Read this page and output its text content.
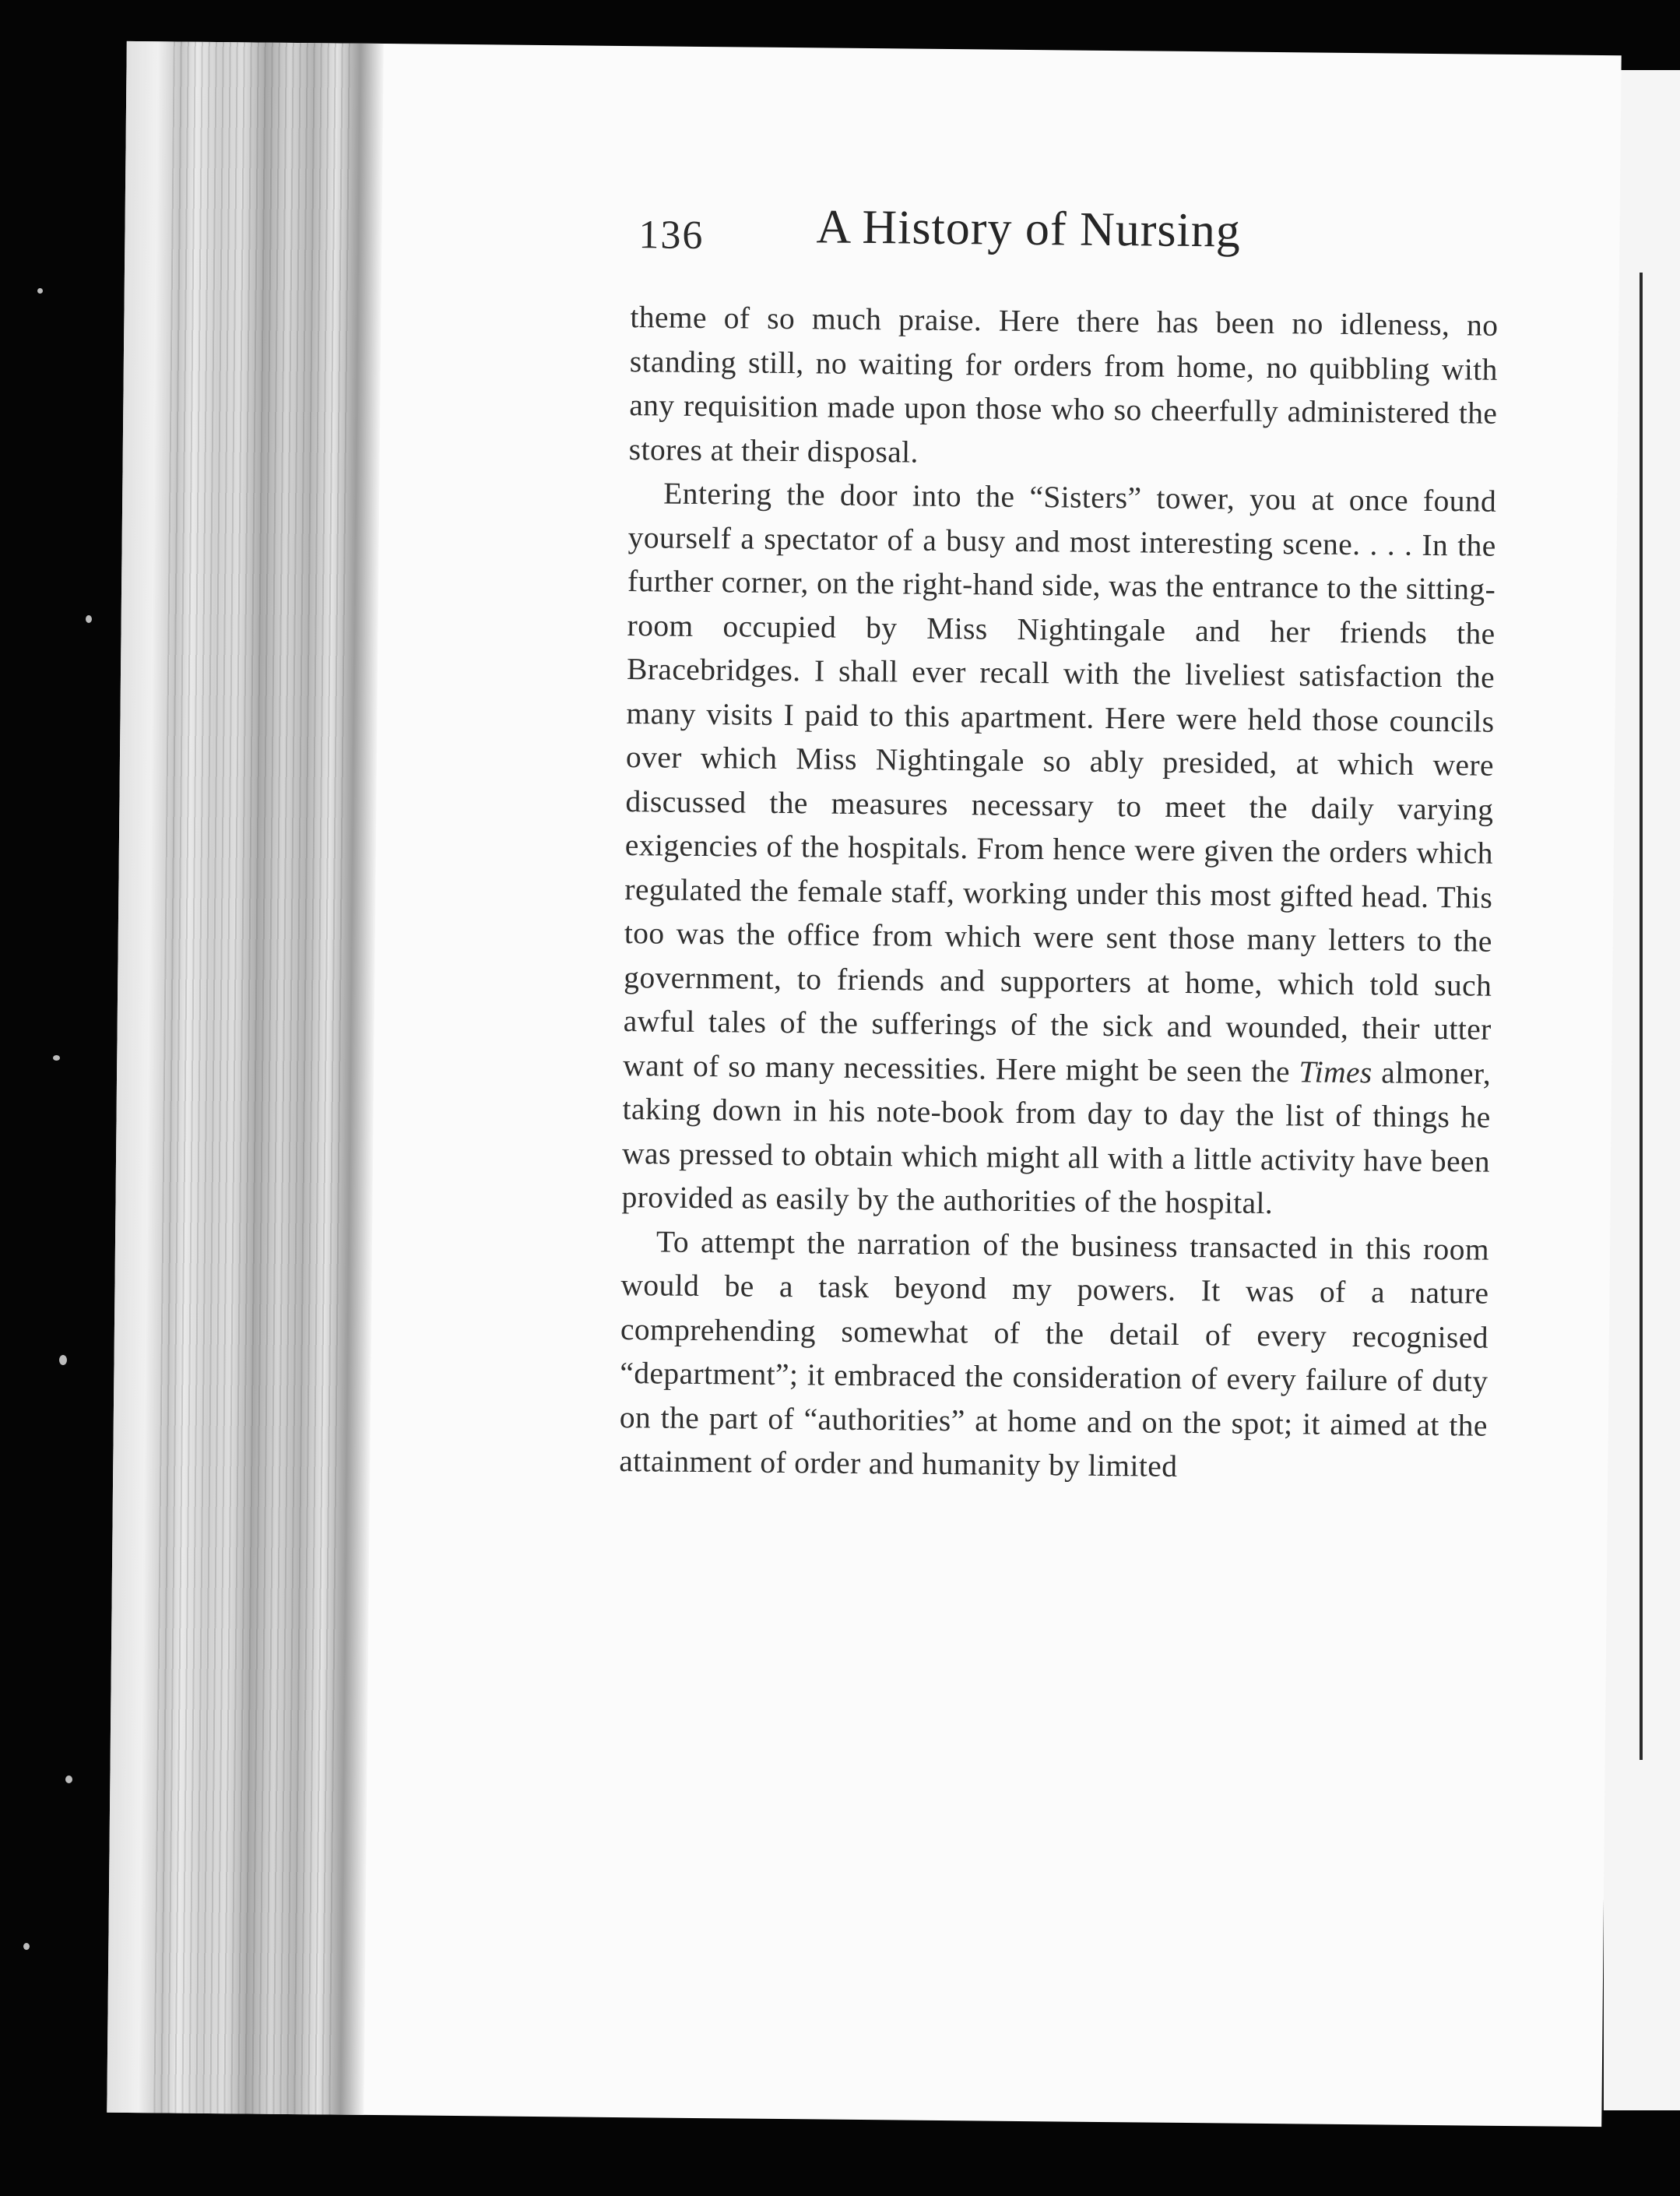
136 A History of Nursing

theme of so much praise. Here there has been no idleness, no standing still, no waiting for orders from home, no quibbling with any requisition made upon those who so cheerfully administered the stores at their disposal.

Entering the door into the “Sisters” tower, you at once found yourself a spectator of a busy and most interesting scene. . . . In the further corner, on the right-hand side, was the entrance to the sitting-room occupied by Miss Nightingale and her friends the Bracebridges. I shall ever recall with the liveliest satisfaction the many visits I paid to this apartment. Here were held those councils over which Miss Nightingale so ably presided, at which were discussed the measures necessary to meet the daily varying exigencies of the hospitals. From hence were given the orders which regulated the female staff, working under this most gifted head. This too was the office from which were sent those many letters to the government, to friends and supporters at home, which told such awful tales of the sufferings of the sick and wounded, their utter want of so many necessities. Here might be seen the Times almoner, taking down in his note-book from day to day the list of things he was pressed to obtain which might all with a little activity have been provided as easily by the authorities of the hospital.

To attempt the narration of the business transacted in this room would be a task beyond my powers. It was of a nature comprehending somewhat of the detail of every recognised “department”; it embraced the consideration of every failure of duty on the part of “authorities” at home and on the spot; it aimed at the attainment of order and humanity by limited
